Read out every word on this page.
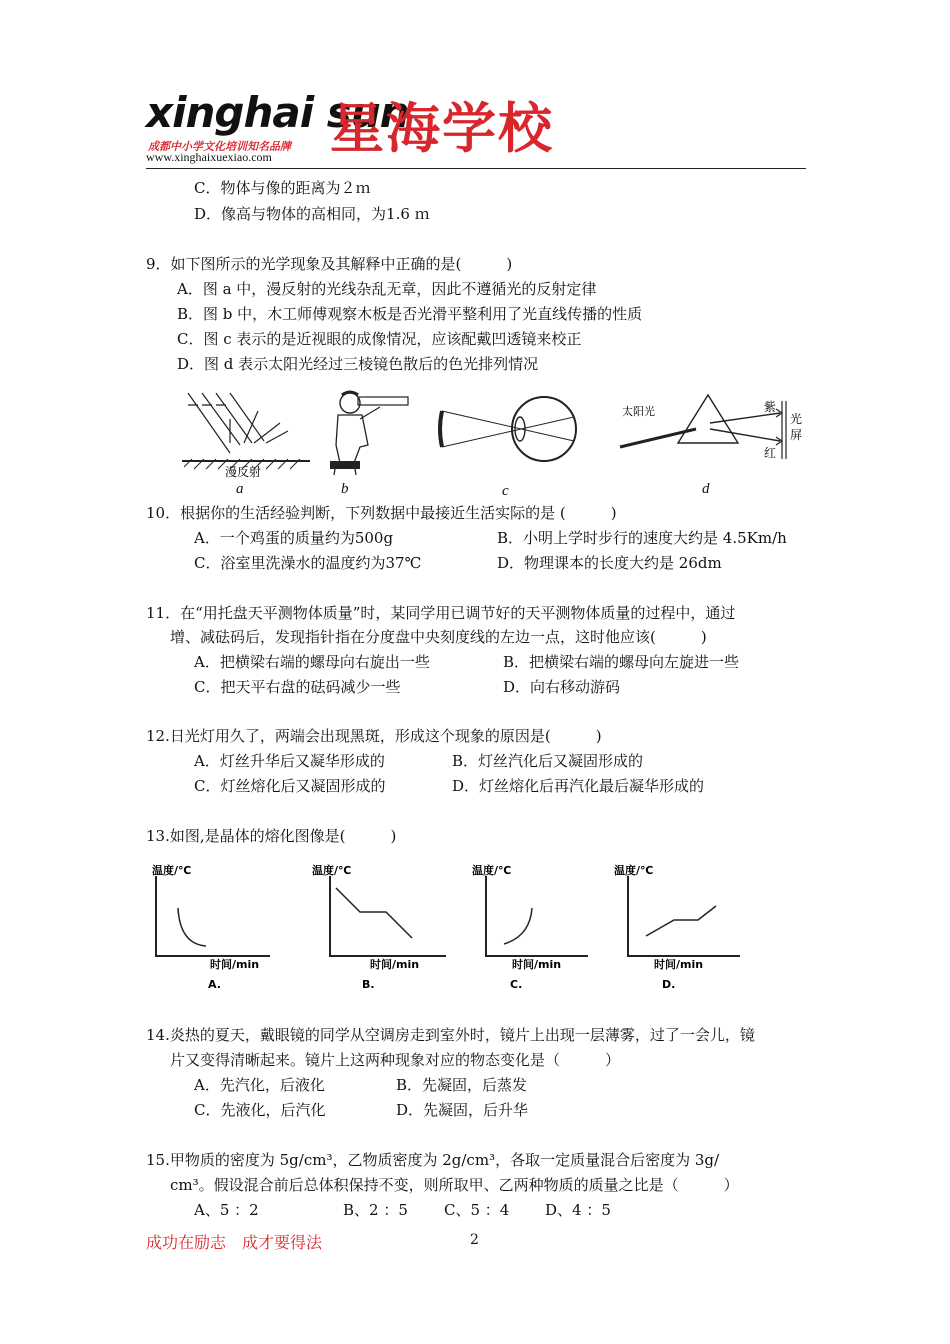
xinghai sun
星海学校
成都中小学文化培训知名品牌
www.xinghaixuexiao.com
C．物体与像的距离为２ｍ
D．像高与物体的高相同，为1.6 ｍ
9．如下图所示的光学现象及其解释中正确的是(　　　)
A．图 a 中，漫反射的光线杂乱无章，因此不遵循光的反射定律
B．图 b 中，木工师傅观察木板是否光滑平整利用了光直线传播的性质
C．图 c 表示的是近视眼的成像情况，应该配戴凹透镜来校正
D．图 d 表示太阳光经过三棱镜色散后的色光排列情况
漫反射
太阳光	紫
红
光
屏
a	b	c	d
10．根据你的生活经验判断，下列数据中最接近生活实际的是 (　　　)
A．一个鸡蛋的质量约为500g	B．小明上学时步行的速度大约是 4.5Km/h
C．浴室里洗澡水的温度约为37℃	D．物理课本的长度大约是 26dm
11．在“用托盘天平测物体质量”时，某同学用已调节好的天平测物体质量的过程中，通过
增、减砝码后，发现指针指在分度盘中央刻度线的左边一点，这时他应该(　　　)
A．把横梁右端的螺母向右旋出一些	B．把横梁右端的螺母向左旋进一些
C．把天平右盘的砝码减少一些	D．向右移动游码
12.日光灯用久了，两端会出现黑斑，形成这个现象的原因是(　　　)
A．灯丝升华后又凝华形成的	B．灯丝汽化后又凝固形成的
C．灯丝熔化后又凝固形成的	D．灯丝熔化后再汽化最后凝华形成的
13.如图,是晶体的熔化图像是(　　　)
温度/℃	温度/℃	温度/℃	温度/℃
时间/min	时间/min	时间/min	时间/min
A.	B.	C.	D.
14.炎热的夏天，戴眼镜的同学从空调房走到室外时，镜片上出现一层薄雾，过了一会儿，镜
片又变得清晰起来。镜片上这两种现象对应的物态变化是（　　　）
A．先汽化，后液化	B．先凝固，后蒸发
C．先液化，后汽化	D．先凝固，后升华
15.甲物质的密度为 5g/cm³，乙物质密度为 2g/cm³，各取一定质量混合后密度为 3g/
cm³。假设混合前后总体积保持不变，则所取甲、乙两种物质的质量之比是（　　　）
A、5 ：2	B、2 ：5 C、5 ：4 D、4 ：5
成功在励志　成才要得法	2
